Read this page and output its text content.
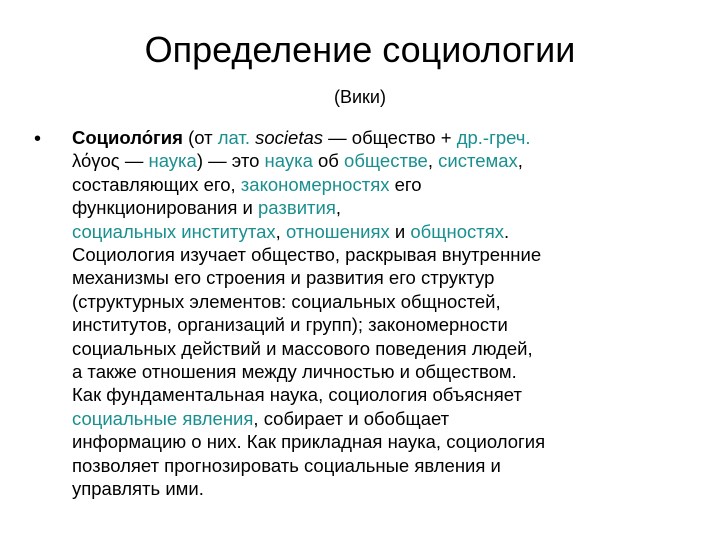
Определение социологии
(Вики)
• Социоло́гия (от лат. societas — общество + др.-греч.
λόγος — наука) — это наука об обществе, системах,
составляющих его, закономерностях его
функционирования и развития,
социальных институтах, отношениях и общностях.
Социология изучает общество, раскрывая внутренние
механизмы его строения и развития его структур
(структурных элементов: социальных общностей,
институтов, организаций и групп); закономерности
социальных действий и массового поведения людей,
а также отношения между личностью и обществом.
Как фундаментальная наука, социология объясняет
социальные явления, собирает и обобщает
информацию о них. Как прикладная наука, социология
позволяет прогнозировать социальные явления и
управлять ими.
